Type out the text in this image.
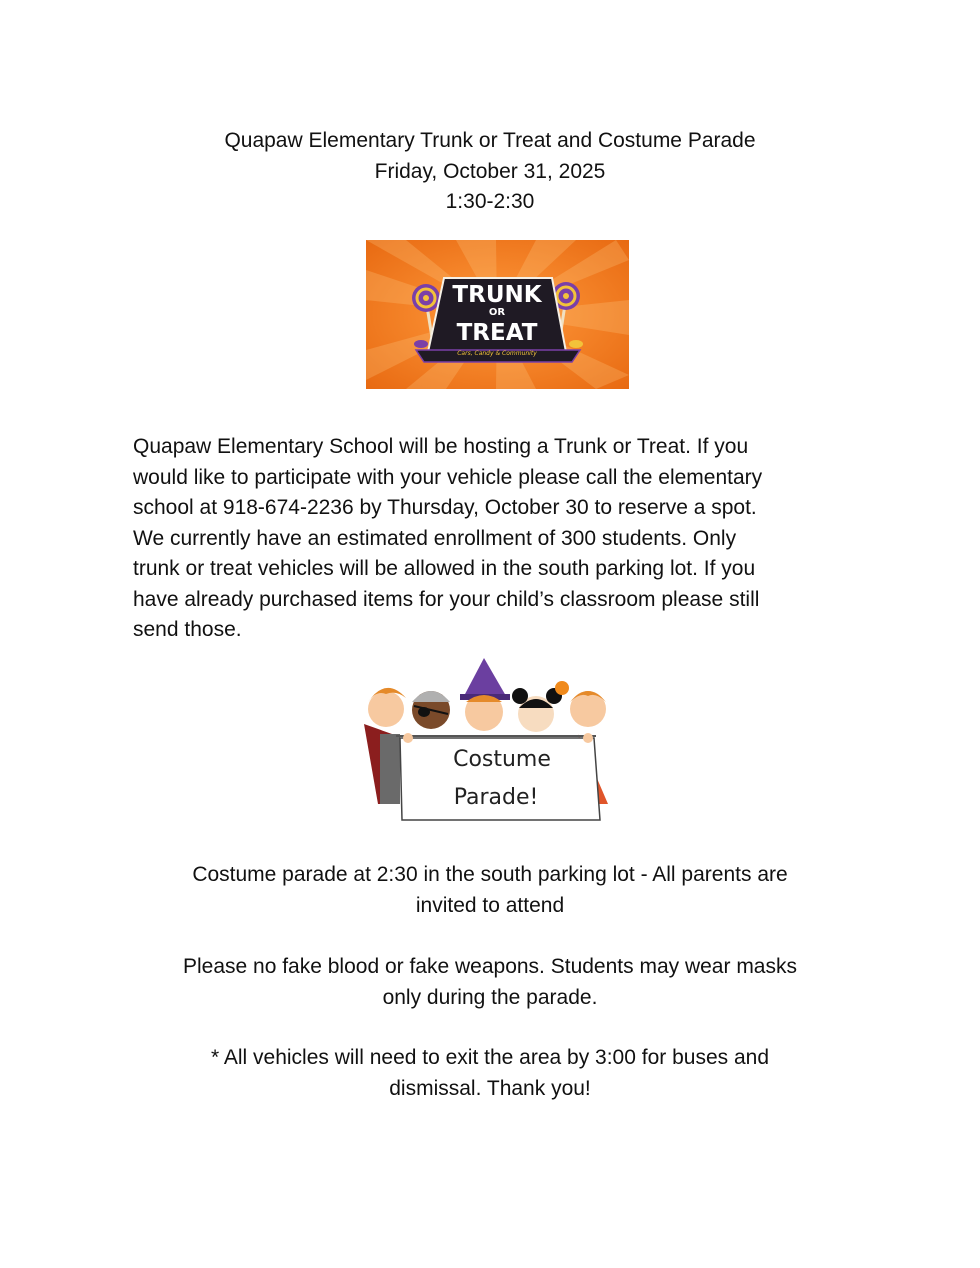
Quapaw Elementary Trunk or Treat and Costume Parade
Friday, October 31, 2025
1:30-2:30
TRUNK
OR
TREAT
Cars, Candy & Community
Quapaw Elementary School will be hosting a Trunk or Treat. If you
would like to participate with your vehicle please call the elementary
school at 918-674-2236 by Thursday, October 30 to reserve a spot.
We currently have an estimated enrollment of 300 students. Only
trunk or treat vehicles will be allowed in the south parking lot. If you
have already purchased items for your child’s classroom please still
send those.
Costume
Parade!
Costume parade at 2:30 in the south parking lot - All parents are
invited to attend
Please no fake blood or fake weapons. Students may wear masks
only during the parade.
* All vehicles will need to exit the area by 3:00 for buses and
dismissal. Thank you!
